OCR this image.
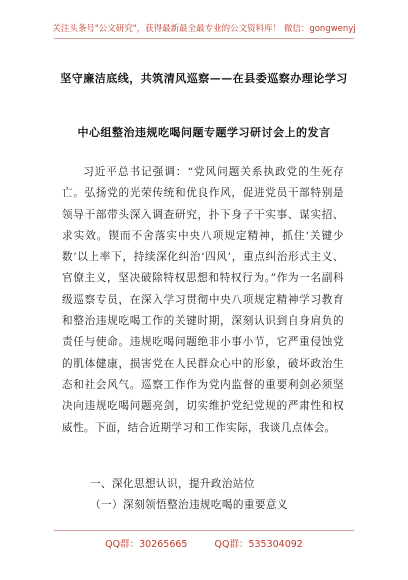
关注头条号"公文研究"，获得最新最全最专业的公文资料库！ 微信：gongwenyj
坚守廉洁底线，共筑清风巡察——在县委巡察办理论学习
中心组整治违规吃喝问题专题学习研讨会上的发言
习近平总书记强调：“党风问题关系执政党的生死存亡。弘扬党的光荣传统和优良作风，促进党员干部特别是领导干部带头深入调查研究，扑下身子干实事、谋实招、求实效。锲而不舍落实中央八项规定精神，抓住‘关键少数’以上率下，持续深化纠治‘四风’，重点纠治形式主义、官僚主义，坚决破除特权思想和特权行为。”作为一名副科级巡察专员，在深入学习贯彻中央八项规定精神学习教育和整治违规吃喝工作的关键时期，深刻认识到自身肩负的责任与使命。违规吃喝问题绝非小事小节，它严重侵蚀党的肌体健康，损害党在人民群众心中的形象，破坏政治生态和社会风气。巡察工作作为党内监督的重要利剑必须坚决向违规吃喝问题亮剑，切实维护党纪党规的严肃性和权威性。下面，结合近期学习和工作实际，我谈几点体会。
一、深化思想认识，提升政治站位
（一）深刻领悟整治违规吃喝的重要意义
QQ群：30265665	QQ群：535304092
